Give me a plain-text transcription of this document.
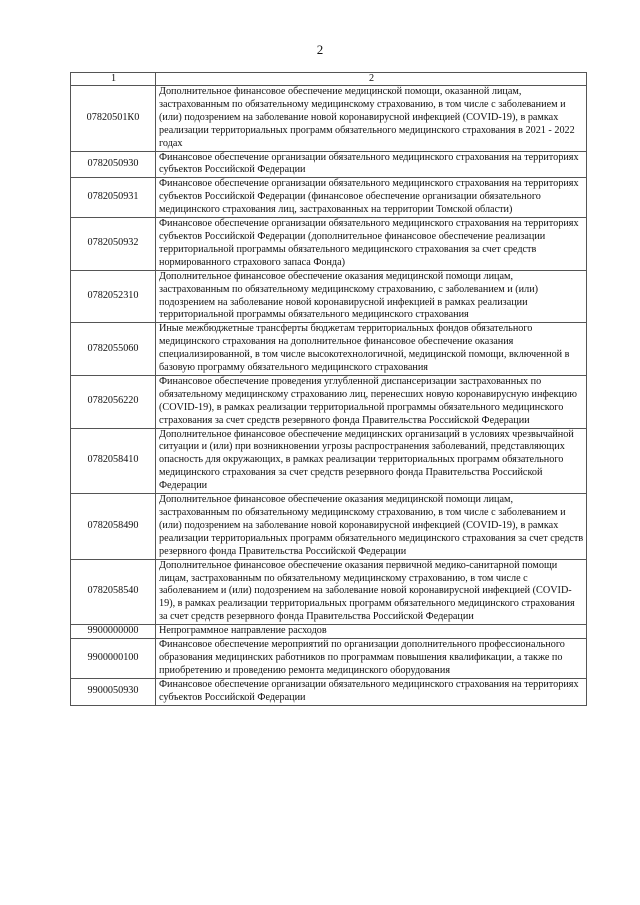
2
1	2
07820501К0	Дополнительное финансовое обеспечение медицинской помощи, оказанной лицам, застрахованным по обязательному медицинскому страхованию, в том числе с заболеванием и (или) подозрением на заболевание новой коронавирусной инфекцией (COVID-19), в рамках реализации территориальных программ обязательного медицинского страхования в 2021 - 2022 годах
0782050930	Финансовое обеспечение организации обязательного медицинского страхования на территориях субъектов Российской Федерации
0782050931	Финансовое обеспечение организации обязательного медицинского страхования на территориях субъектов Российской Федерации (финансовое обеспечение организации обязательного медицинского страхования лиц, застрахованных на территории Томской области)
0782050932	Финансовое обеспечение организации обязательного медицинского страхования на территориях субъектов Российской Федерации (дополнительное финансовое обеспечение реализации территориальной программы обязательного медицинского страхования за счет средств нормированного страхового запаса Фонда)
0782052310	Дополнительное финансовое обеспечение оказания медицинской помощи лицам, застрахованным по обязательному медицинскому страхованию, с заболеванием и (или) подозрением на заболевание новой коронавирусной инфекцией в рамках реализации территориальной программы обязательного медицинского страхования
0782055060	Иные межбюджетные трансферты бюджетам территориальных фондов обязательного медицинского страхования на дополнительное финансовое обеспечение оказания специализированной, в том числе высокотехнологичной, медицинской помощи, включенной в базовую программу обязательного медицинского страхования
0782056220	Финансовое обеспечение проведения углубленной диспансеризации застрахованных по обязательному медицинскому страхованию лиц, перенесших новую коронавирусную инфекцию (COVID-19), в рамках реализации территориальной программы обязательного медицинского страхования за счет средств резервного фонда Правительства Российской Федерации
0782058410	Дополнительное финансовое обеспечение медицинских организаций в условиях чрезвычайной ситуации и (или) при возникновении угрозы распространения заболеваний, представляющих опасность для окружающих, в рамках реализации территориальных программ обязательного медицинского страхования за счет средств резервного фонда Правительства Российской Федерации
0782058490	Дополнительное финансовое обеспечение оказания медицинской помощи лицам, застрахованным по обязательному медицинскому страхованию, в том числе с заболеванием и (или) подозрением на заболевание новой коронавирусной инфекцией (COVID-19), в рамках реализации территориальных программ обязательного медицинского страхования за счет средств резервного фонда Правительства Российской Федерации
0782058540	Дополнительное финансовое обеспечение оказания первичной медико-санитарной помощи лицам, застрахованным по обязательному медицинскому страхованию, в том числе с заболеванием и (или) подозрением на заболевание новой коронавирусной инфекцией (COVID-19), в рамках реализации территориальных программ обязательного медицинского страхования за счет средств резервного фонда Правительства Российской Федерации
9900000000	Непрограммное направление расходов
9900000100	Финансовое обеспечение мероприятий по организации дополнительного профессионального образования медицинских работников по программам повышения квалификации, а также по приобретению и проведению ремонта медицинского оборудования
9900050930	Финансовое обеспечение организации обязательного медицинского страхования на территориях субъектов Российской Федерации
